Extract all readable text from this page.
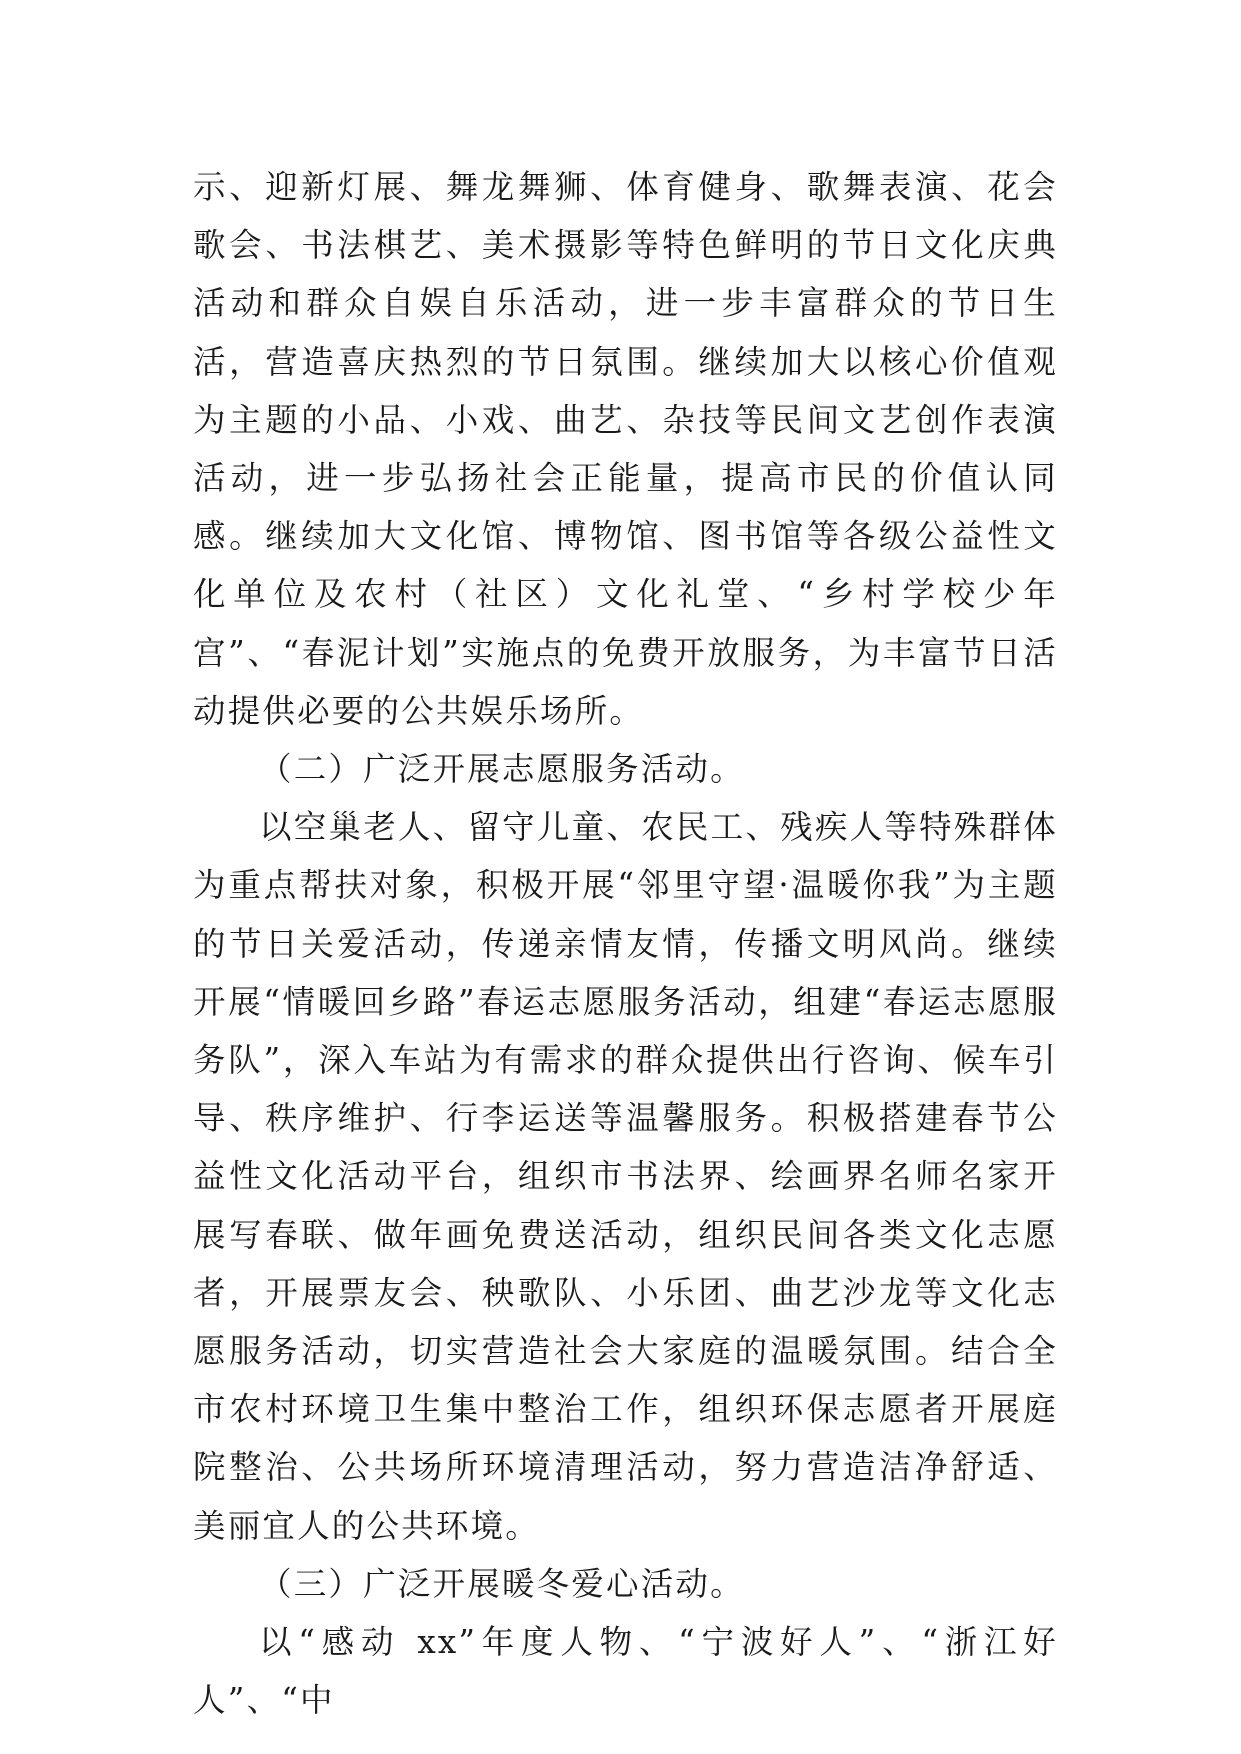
示、迎新灯展、舞龙舞狮、体育健身、歌舞表演、花会歌会、书法棋艺、美术摄影等特色鲜明的节日文化庆典活动和群众自娱自乐活动，进一步丰富群众的节日生活，营造喜庆热烈的节日氛围。继续加大以核心价值观为主题的小品、小戏、曲艺、杂技等民间文艺创作表演活动，进一步弘扬社会正能量，提高市民的价值认同感。继续加大文化馆、博物馆、图书馆等各级公益性文化单位及农村（社区）文化礼堂、“乡村学校少年宫”、“春泥计划”实施点的免费开放服务，为丰富节日活动提供必要的公共娱乐场所。

（二）广泛开展志愿服务活动。

以空巢老人、留守儿童、农民工、残疾人等特殊群体为重点帮扶对象，积极开展“邻里守望·温暖你我”为主题的节日关爱活动，传递亲情友情，传播文明风尚。继续开展“情暖回乡路”春运志愿服务活动，组建“春运志愿服务队”，深入车站为有需求的群众提供出行咨询、候车引导、秩序维护、行李运送等温馨服务。积极搭建春节公益性文化活动平台，组织市书法界、绘画界名师名家开展写春联、做年画免费送活动，组织民间各类文化志愿者，开展票友会、秧歌队、小乐团、曲艺沙龙等文化志愿服务活动，切实营造社会大家庭的温暖氛围。结合全市农村环境卫生集中整治工作，组织环保志愿者开展庭院整治、公共场所环境清理活动，努力营造洁净舒适、美丽宜人的公共环境。

（三）广泛开展暖冬爱心活动。

以“感动 xx”年度人物、“宁波好人”、“浙江好人”、“中
